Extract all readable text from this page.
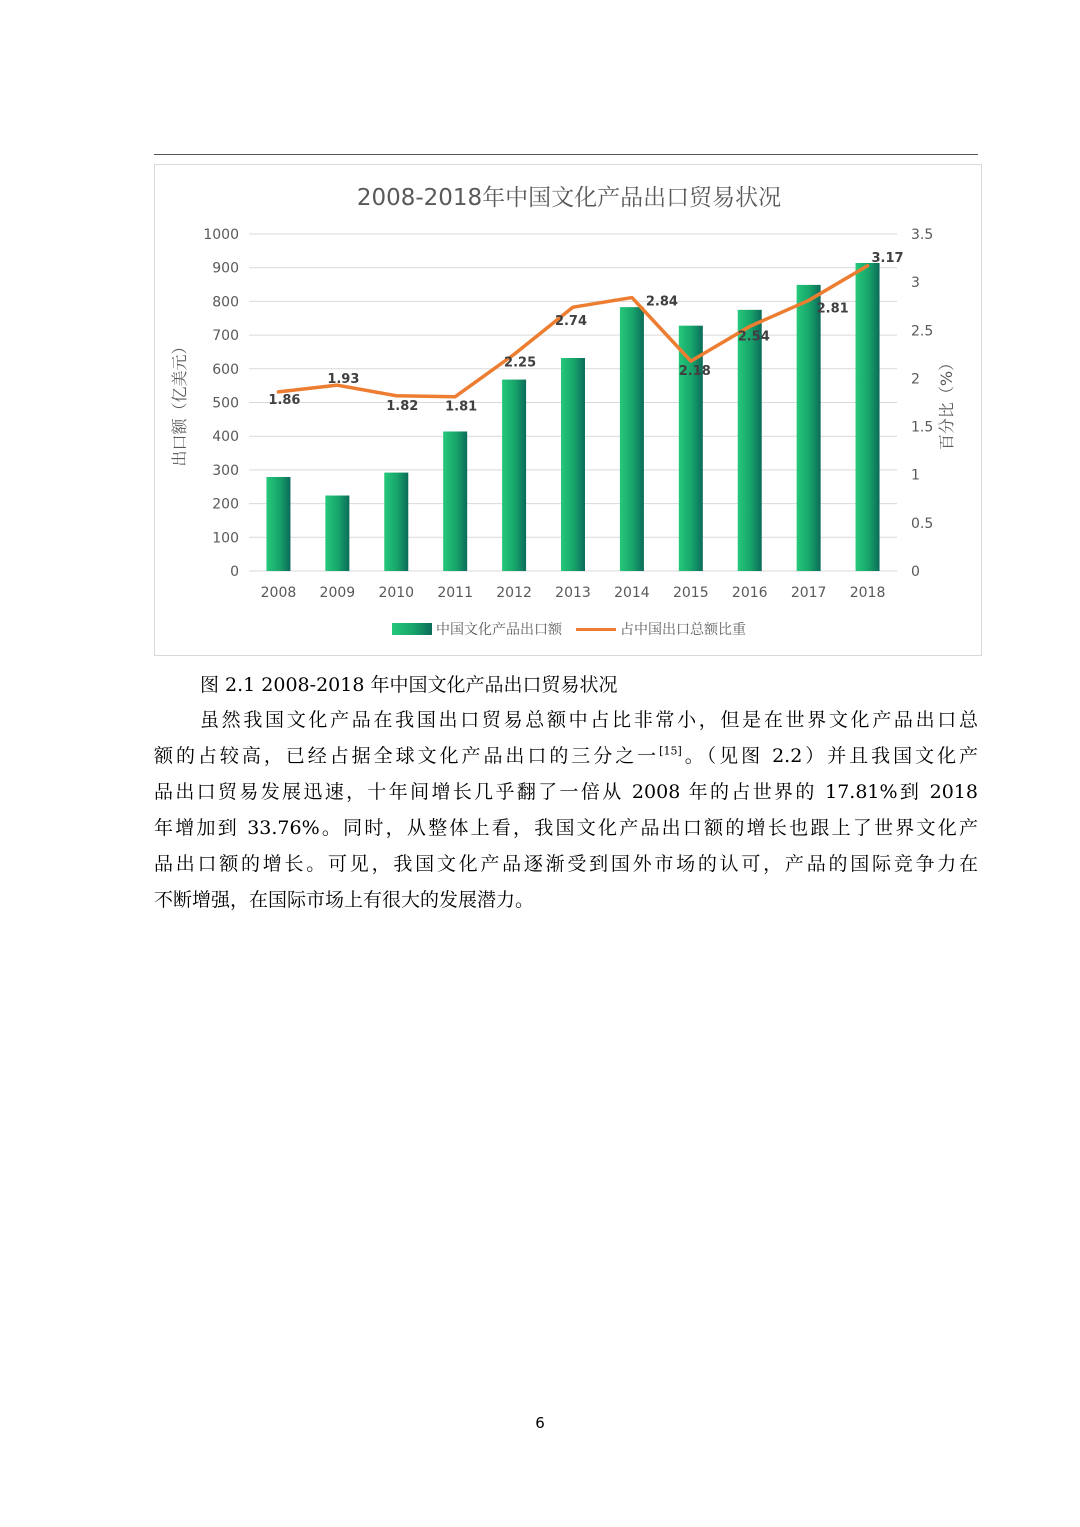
2008-2018年中国文化产品出口贸易状况
1.86
1.93
1.82 1.81
2.25
2.74
2.84
2.18
2.54
2.81
3.17
0
100
200
300
400
500
600
700
800
900
1000
0
0.5
1
1.5
2
2.5
3
3.5
2008 2009 2010 2011 2012 2013 2014 2015 2016 2017 2018
出口额（亿美元）	百分比（%）
中国文化产品出口额	占中国出口总额比重
图 2.1 2008-2018 年中国文化产品出口贸易状况
虽然我国文化产品在我国出口贸易总额中占比非常小，但是在世界文化产品出口总
额的占较高，已经占据全球文化产品出口的三分之一[15]。（见图 2.2）并且我国文化产
品出口贸易发展迅速，十年间增长几乎翻了一倍从 2008 年的占世界的 17.81%到 2018
年增加到 33.76%。同时，从整体上看，我国文化产品出口额的增长也跟上了世界文化产
品出口额的增长。可见，我国文化产品逐渐受到国外市场的认可，产品的国际竞争力在
不断增强，在国际市场上有很大的发展潜力。
6
